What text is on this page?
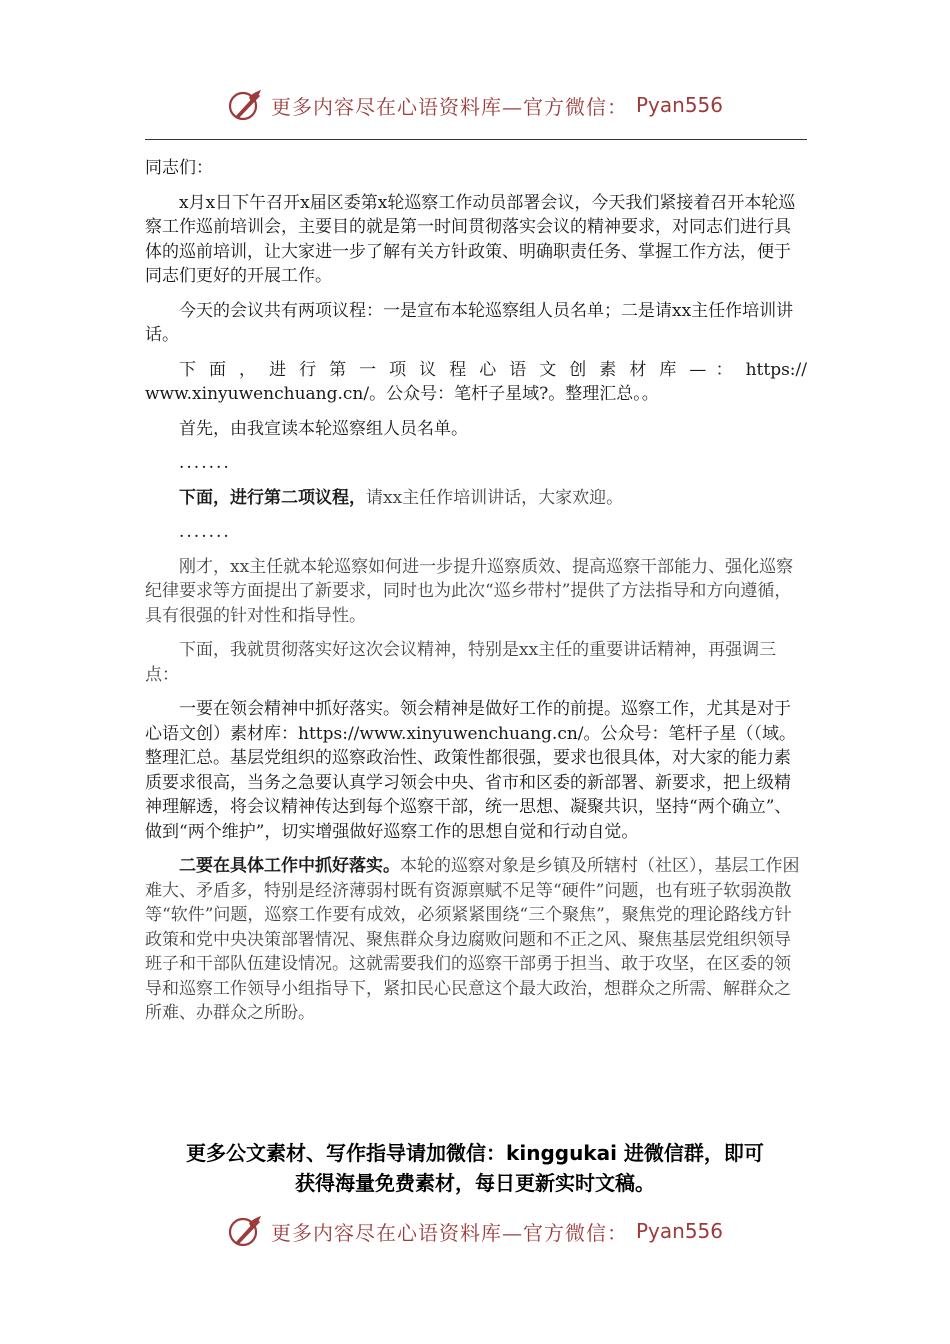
更多内容尽在心语资料库—官方微信： Pyan556

同志们：

x月x日下午召开x届区委第x轮巡察工作动员部署会议，今天我们紧接着召开本轮巡察工作巡前培训会，主要目的就是第一时间贯彻落实会议的精神要求，对同志们进行具体的巡前培训，让大家进一步了解有关方针政策、明确职责任务、掌握工作方法，便于同志们更好的开展工作。

今天的会议共有两项议程：一是宣布本轮巡察组人员名单；二是请xx主任作培训讲话。

下 面 ， 进 行 第 一 项 议 程 心 语 文 创 素 材 库 — ： https://
www.xinyuwenchuang.cn/。公众号：笔杆子星域?。整理汇总。。

首先，由我宣读本轮巡察组人员名单。

.......

下面，进行第二项议程，请xx主任作培训讲话，大家欢迎。

.......

刚才，xx主任就本轮巡察如何进一步提升巡察质效、提高巡察干部能力、强化巡察纪律要求等方面提出了新要求，同时也为此次“巡乡带村”提供了方法指导和方向遵循，具有很强的针对性和指导性。

下面，我就贯彻落实好这次会议精神，特别是xx主任的重要讲话精神，再强调三点：

一要在领会精神中抓好落实。领会精神是做好工作的前提。巡察工作，尤其是对于心语文创）素材库：https://www.xinyuwenchuang.cn/。公众号：笔杆子星（（域。整理汇总。基层党组织的巡察政治性、政策性都很强，要求也很具体，对大家的能力素质要求很高，当务之急要认真学习领会中央、省市和区委的新部署、新要求，把上级精神理解透，将会议精神传达到每个巡察干部，统一思想、凝聚共识，坚持“两个确立”、做到“两个维护”，切实增强做好巡察工作的思想自觉和行动自觉。

二要在具体工作中抓好落实。本轮的巡察对象是乡镇及所辖村（社区），基层工作困难大、矛盾多，特别是经济薄弱村既有资源禀赋不足等“硬件”问题，也有班子软弱涣散等“软件”问题，巡察工作要有成效，必须紧紧围绕“三个聚焦”，聚焦党的理论路线方针政策和党中央决策部署情况、聚焦群众身边腐败问题和不正之风、聚焦基层党组织领导班子和干部队伍建设情况。这就需要我们的巡察干部勇于担当、敢于攻坚，在区委的领导和巡察工作领导小组指导下，紧扣民心民意这个最大政治，想群众之所需、解群众之所难、办群众之所盼。

更多公文素材、写作指导请加微信：kinggukai 进微信群，即可
获得海量免费素材，每日更新实时文稿。
更多内容尽在心语资料库—官方微信： Pyan556
